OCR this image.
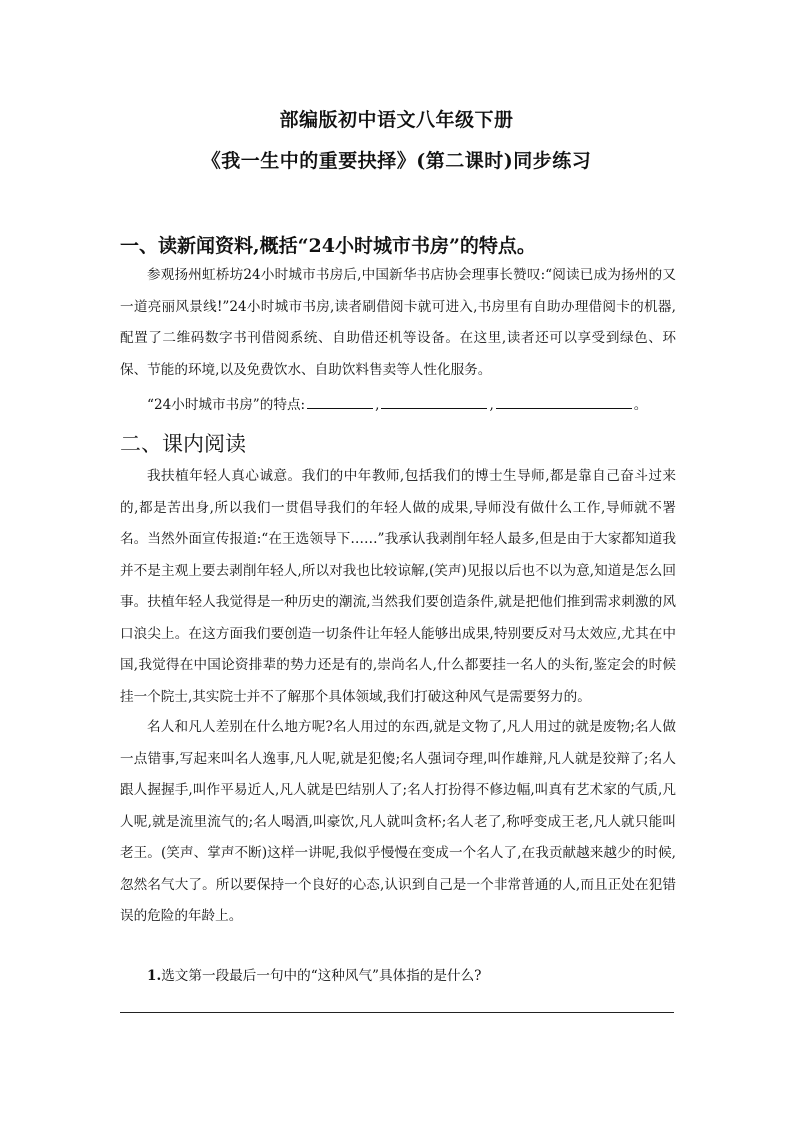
部编版初中语文八年级下册
《我一生中的重要抉择》(第二课时)同步练习
一、读新闻资料,概括“24小时城市书房”的特点。

参观扬州虹桥坊24小时城市书房后,中国新华书店协会理事长赞叹:“阅读已成为扬州的又一道亮丽风景线!”24小时城市书房,读者刷借阅卡就可进入,书房里有自助办理借阅卡的机器,配置了二维码数字书刊借阅系统、自助借还机等设备。在这里,读者还可以享受到绿色、环保、节能的环境,以及免费饮水、自助饮料售卖等人性化服务。

“24小时城市书房”的特点:	,	,	。
二、课内阅读

我扶植年轻人真心诚意。我们的中年教师,包括我们的博士生导师,都是靠自己奋斗过来的,都是苦出身,所以我们一贯倡导我们的年轻人做的成果,导师没有做什么工作,导师就不署名。当然外面宣传报道:“在王选领导下……”我承认我剥削年轻人最多,但是由于大家都知道我并不是主观上要去剥削年轻人,所以对我也比较谅解,(笑声)见报以后也不以为意,知道是怎么回事。扶植年轻人我觉得是一种历史的潮流,当然我们要创造条件,就是把他们推到需求刺激的风口浪尖上。在这方面我们要创造一切条件让年轻人能够出成果,特别要反对马太效应,尤其在中国,我觉得在中国论资排辈的势力还是有的,崇尚名人,什么都要挂一名人的头衔,鉴定会的时候挂一个院士,其实院士并不了解那个具体领域,我们打破这种风气是需要努力的。

名人和凡人差别在什么地方呢?名人用过的东西,就是文物了,凡人用过的就是废物;名人做一点错事,写起来叫名人逸事,凡人呢,就是犯傻;名人强词夺理,叫作雄辩,凡人就是狡辩了;名人跟人握握手,叫作平易近人,凡人就是巴结别人了;名人打扮得不修边幅,叫真有艺术家的气质,凡人呢,就是流里流气的;名人喝酒,叫豪饮,凡人就叫贪杯;名人老了,称呼变成王老,凡人就只能叫老王。(笑声、掌声不断)这样一讲呢,我似乎慢慢在变成一个名人了,在我贡献越来越少的时候,忽然名气大了。所以要保持一个良好的心态,认识到自己是一个非常普通的人,而且正处在犯错误的危险的年龄上。

1.选文第一段最后一句中的“这种风气”具体指的是什么?
